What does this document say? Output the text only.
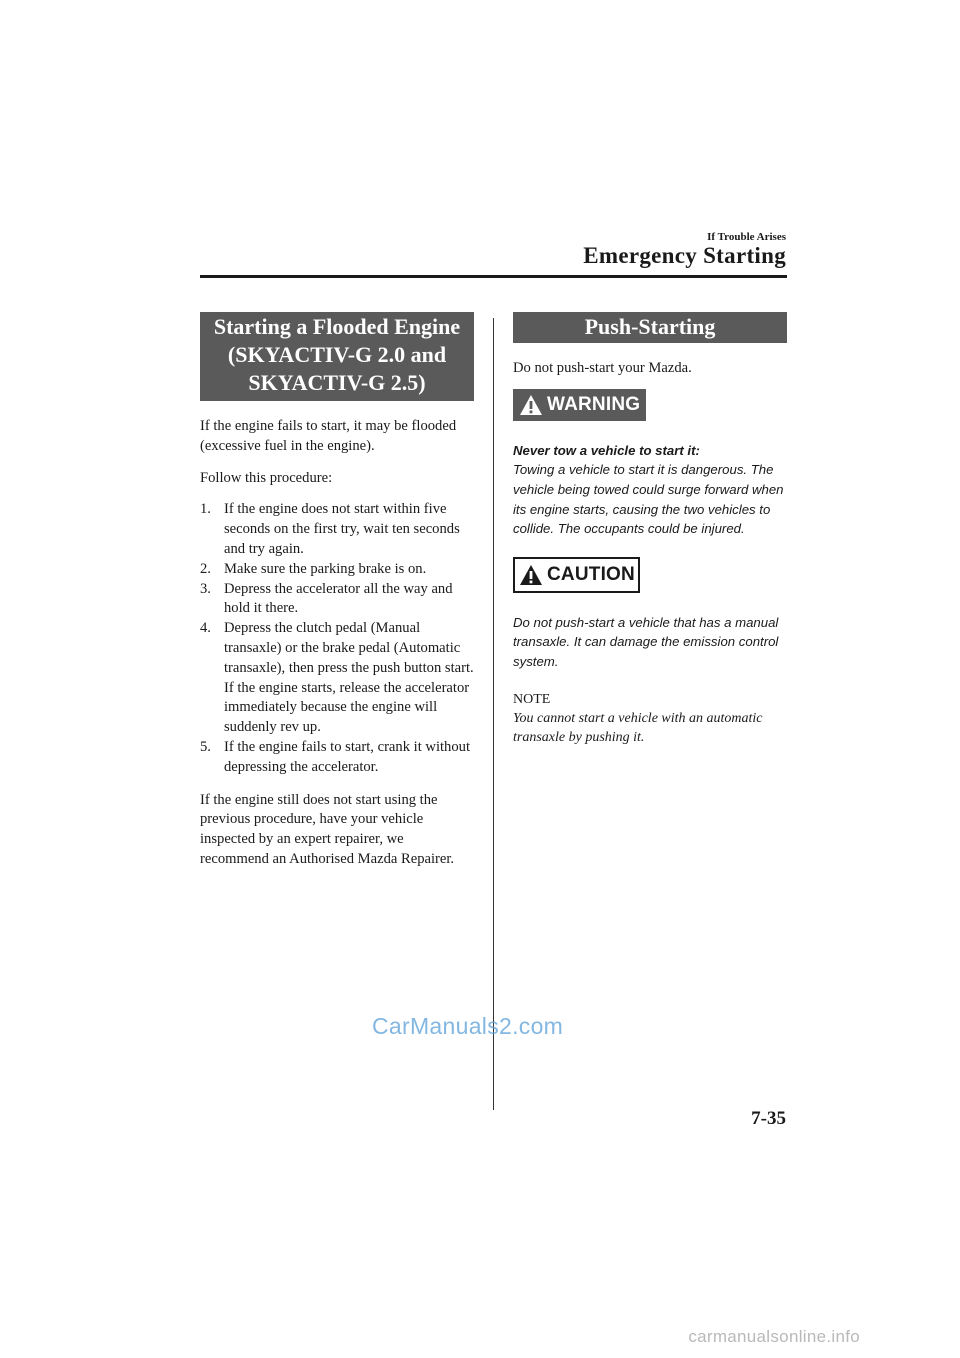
If Trouble Arises
Emergency Starting
Starting a Flooded Engine
(SKYACTIV-G 2.0 and
SKYACTIV-G 2.5)

If the engine fails to start, it may be flooded (excessive fuel in the engine).

Follow this procedure:

1. If the engine does not start within five seconds on the first try, wait ten seconds and try again.
2. Make sure the parking brake is on.
3. Depress the accelerator all the way and hold it there.
4. Depress the clutch pedal (Manual transaxle) or the brake pedal (Automatic transaxle), then press the push button start. If the engine starts, release the accelerator immediately because the engine will suddenly rev up.
5. If the engine fails to start, crank it without depressing the accelerator.

If the engine still does not start using the previous procedure, have your vehicle inspected by an expert repairer, we recommend an Authorised Mazda Repairer.

Push-Starting

Do not push-start your Mazda.

WARNING

Never tow a vehicle to start it:
Towing a vehicle to start it is dangerous. The vehicle being towed could surge forward when its engine starts, causing the two vehicles to collide. The occupants could be injured.

CAUTION

Do not push-start a vehicle that has a manual transaxle. It can damage the emission control system.

NOTE

You cannot start a vehicle with an automatic transaxle by pushing it.

CarManuals2.com
7-35
carmanualsonline.info
